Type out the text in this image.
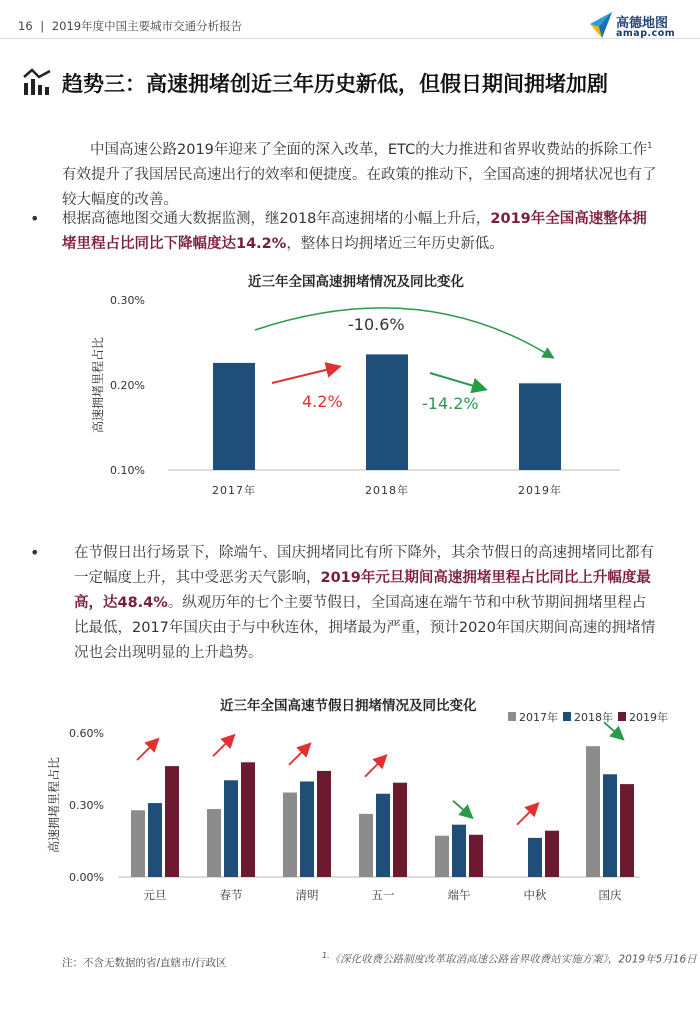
16 | 2019年度中国主要城市交通分析报告	高德地图
amap.com
趋势三：高速拥堵创近三年历史新低，但假日期间拥堵加剧
中国高速公路2019年迎来了全面的深入改革，ETC的大力推进和省界收费站的拆除工作$^1$有效提升了我国居民高速出行的效率和便捷度。在政策的推动下，全国高速的拥堵状况也有了较大幅度的改善。
• 根据高德地图交通大数据监测，继2018年高速拥堵的小幅上升后，2019年全国高速整体拥堵里程占比同比下降幅度达14.2%，整体日均拥堵近三年历史新低。
近三年全国高速拥堵情况及同比变化
0.10%
0.20%
0.30%
2017年	2018年	2019年
高速拥堵里程占比	4.2%	-14.2%
-10.6%
• 在节假日出行场景下，除端午、国庆拥堵同比有所下降外，其余节假日的高速拥堵同比都有一定幅度上升，其中受恶劣天气影响，2019年元旦期间高速拥堵里程占比同比上升幅度最高，达48.4%。纵观历年的七个主要节假日，全国高速在端午节和中秋节期间拥堵里程占比最低，2017年国庆由于与中秋连休，拥堵最为严重，预计2020年国庆期间高速的拥堵情况也会出现明显的上升趋势。
近三年全国高速节假日拥堵情况及同比变化
0.00%
0.30%
0.60%
高速拥堵里程占比
元旦	春节	清明	五一	端午	中秋	国庆
2017年 2018年 2019年
注：不含无数据的省/直辖市/行政区
$^{1.}$《深化收费公路制度改革取消高速公路省界收费站实施方案》，2019年5月16日
